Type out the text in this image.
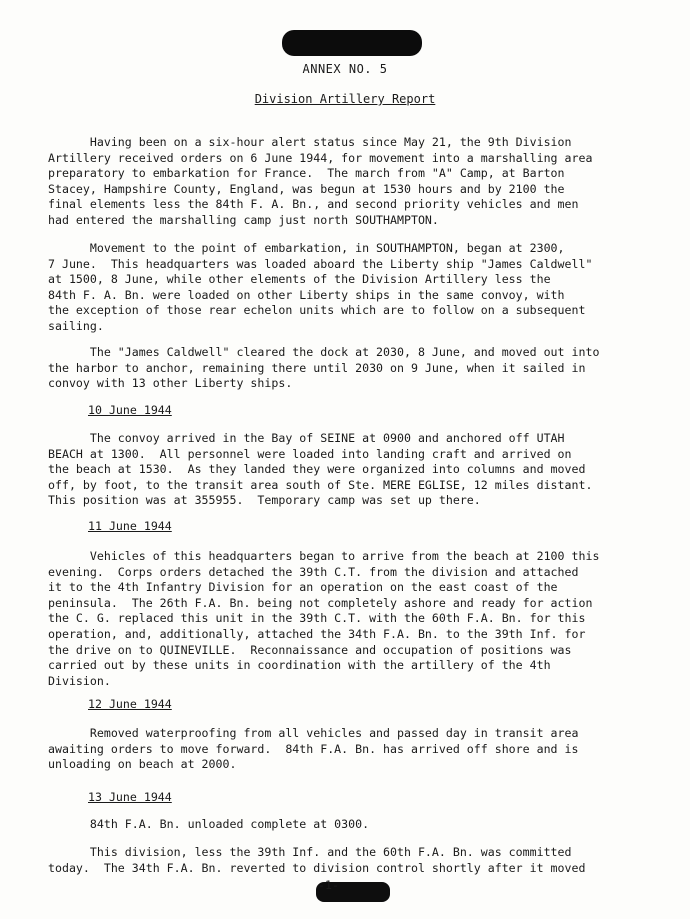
ANNEX NO. 5
Division Artillery Report

Having been on a six-hour alert status since May 21, the 9th Division
Artillery received orders on 6 June 1944, for movement into a marshalling area
preparatory to embarkation for France.  The march from "A" Camp, at Barton
Stacey, Hampshire County, England, was begun at 1530 hours and by 2100 the
final elements less the 84th F. A. Bn., and second priority vehicles and men
had entered the marshalling camp just north SOUTHAMPTON.

Movement to the point of embarkation, in SOUTHAMPTON, began at 2300,
7 June.  This headquarters was loaded aboard the Liberty ship "James Caldwell"
at 1500, 8 June, while other elements of the Division Artillery less the
84th F. A. Bn. were loaded on other Liberty ships in the same convoy, with
the exception of those rear echelon units which are to follow on a subsequent
sailing.

The "James Caldwell" cleared the dock at 2030, 8 June, and moved out into
the harbor to anchor, remaining there until 2030 on 9 June, when it sailed in
convoy with 13 other Liberty ships.

10 June 1944

The convoy arrived in the Bay of SEINE at 0900 and anchored off UTAH
BEACH at 1300.  All personnel were loaded into landing craft and arrived on
the beach at 1530.  As they landed they were organized into columns and moved
off, by foot, to the transit area south of Ste. MERE EGLISE, 12 miles distant.
This position was at 355955.  Temporary camp was set up there.

11 June 1944

Vehicles of this headquarters began to arrive from the beach at 2100 this
evening.  Corps orders detached the 39th C.T. from the division and attached
it to the 4th Infantry Division for an operation on the east coast of the
peninsula.  The 26th F.A. Bn. being not completely ashore and ready for action
the C. G. replaced this unit in the 39th C.T. with the 60th F.A. Bn. for this
operation, and, additionally, attached the 34th F.A. Bn. to the 39th Inf. for
the drive on to QUINEVILLE.  Reconnaissance and occupation of positions was
carried out by these units in coordination with the artillery of the 4th
Division.

12 June 1944

Removed waterproofing from all vehicles and passed day in transit area
awaiting orders to move forward.  84th F.A. Bn. has arrived off shore and is
unloading on beach at 2000.

13 June 1944

84th F.A. Bn. unloaded complete at 0300.

This division, less the 39th Inf. and the 60th F.A. Bn. was committed
today.  The 34th F.A. Bn. reverted to division control shortly after it moved

-1-
